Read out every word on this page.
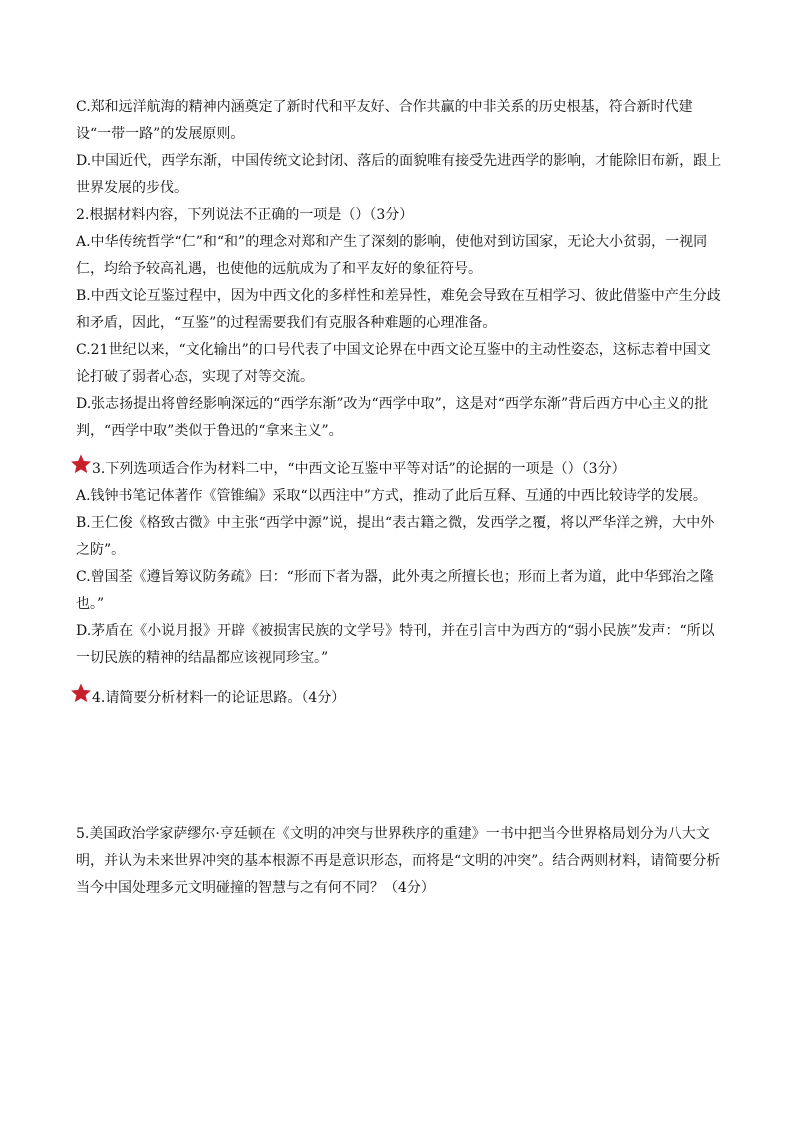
C.郑和远洋航海的精神内涵奠定了新时代和平友好、合作共赢的中非关系的历史根基，符合新时代建设“一带一路”的发展原则。

D.中国近代，西学东渐，中国传统文论封闭、落后的面貌唯有接受先进西学的影响，才能除旧布新，跟上世界发展的步伐。

2.根据材料内容，下列说法不正确的一项是（）（3分）

A.中华传统哲学“仁”和“和”的理念对郑和产生了深刻的影响，使他对到访国家，无论大小贫弱，一视同仁，均给予较高礼遇，也使他的远航成为了和平友好的象征符号。

B.中西文论互鉴过程中，因为中西文化的多样性和差异性，难免会导致在互相学习、彼此借鉴中产生分歧和矛盾，因此，“互鉴”的过程需要我们有克服各种难题的心理准备。

C.21世纪以来，“文化输出”的口号代表了中国文论界在中西文论互鉴中的主动性姿态，这标志着中国文论打破了弱者心态，实现了对等交流。

D.张志扬提出将曾经影响深远的“西学东渐”改为“西学中取”，这是对“西学东渐”背后西方中心主义的批判，“西学中取”类似于鲁迅的“拿来主义”。

3.下列选项适合作为材料二中，“中西文论互鉴中平等对话”的论据的一项是（）（3分）

A.钱钟书笔记体著作《管锥编》采取“以西注中”方式，推动了此后互释、互通的中西比较诗学的发展。

B.王仁俊《格致古微》中主张“西学中源”说，提出“表古籍之微，发西学之覆，将以严华洋之辨，大中外之防”。

C.曾国荃《遵旨筹议防务疏》曰：“形而下者为器，此外夷之所擅长也；形而上者为道，此中华郅治之隆也。”

D.茅盾在《小说月报》开辟《被损害民族的文学号》特刊，并在引言中为西方的“弱小民族”发声：“所以一切民族的精神的结晶都应该视同珍宝。”

4.请简要分析材料一的论证思路。（4分）

5.美国政治学家萨缪尔·亨廷顿在《文明的冲突与世界秩序的重建》一书中把当今世界格局划分为八大文明，并认为未来世界冲突的基本根源不再是意识形态，而将是“文明的冲突”。结合两则材料，请简要分析当今中国处理多元文明碰撞的智慧与之有何不同？（4分）
